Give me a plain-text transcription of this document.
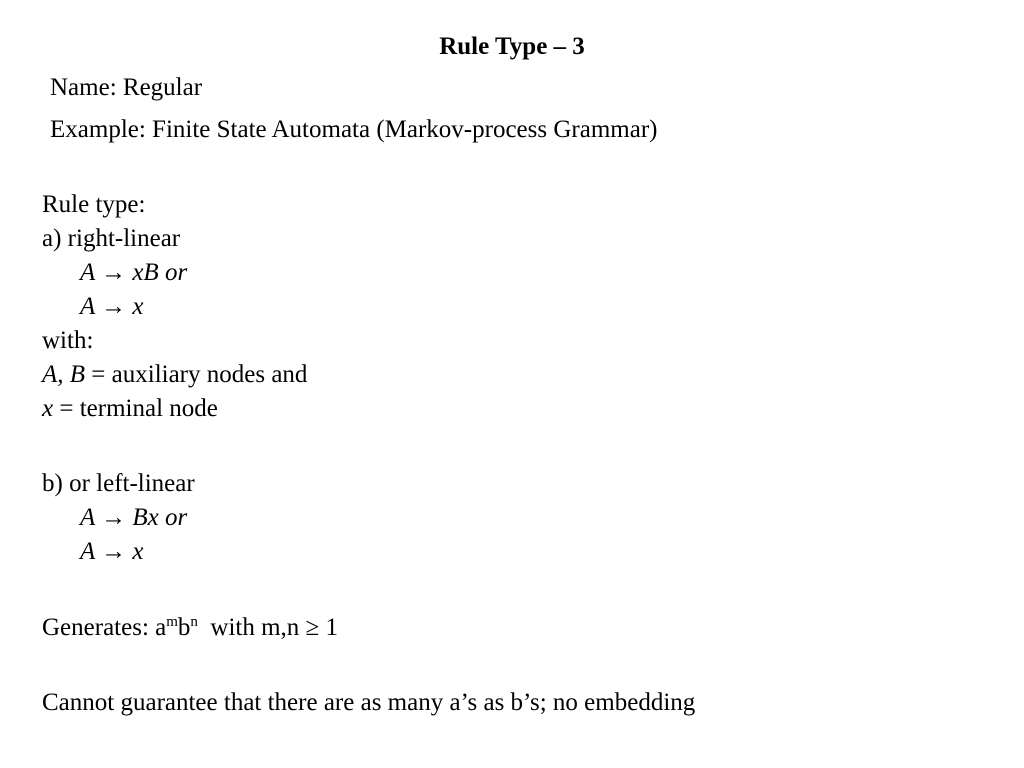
Rule Type – 3

Name: Regular

Example: Finite State Automata (Markov-process Grammar)

Rule type:

a) right-linear

A → xB or

A → x

with:

A, B = auxiliary nodes and

x = terminal node

b) or left-linear

A → Bx or

A → x

Generates: $a^mb^n$  with m,n ≥ 1

Cannot guarantee that there are as many a’s as b’s; no embedding
